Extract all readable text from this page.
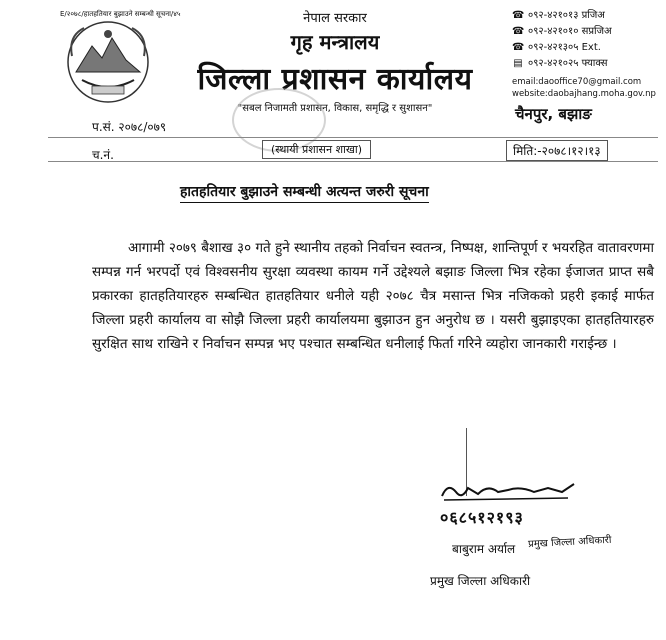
E/२०७८/हातहतियार बुझाउने सम्बन्धी सूचना/४५	नेपाल सरकार
गृह मन्त्रालय
जिल्ला प्रशासन कार्यालय
"सबल निजामती प्रशासन, विकास, समृद्धि र सुशासन"
☎ ०९२-४२१०१३ प्रजिअ
☎ ०९२-४२१०१० सप्रजिअ
☎ ०९२-४२१३०५ Ext.
▤ ०९२-४२१०२५ फ्याक्स
email:daooffice70@gmail.com
website:daobajhang.moha.gov.np
चैनपुर, बझाङ
प.सं. २०७८/०७९
च.नं.	(स्थायी प्रशासन शाखा)	मिति:-२०७८।१२।१३
हातहतियार बुझाउने सम्बन्धी अत्यन्त जरुरी सूचना
आगामी २०७९ बैशाख ३० गते हुने स्थानीय तहको निर्वाचन स्वतन्त्र, निष्पक्ष, शान्तिपूर्ण र भयरहित वातावरणमा सम्पन्न गर्न भरपर्दो एवं विश्वसनीय सुरक्षा व्यवस्था कायम गर्ने उद्देश्यले बझाङ जिल्ला भित्र रहेका ईजाजत प्राप्त सबै प्रकारका हातहतियारहरु सम्बन्धित हातहतियार धनीले यही २०७८ चैत्र मसान्त भित्र नजिकको प्रहरी इकाई मार्फत जिल्ला प्रहरी कार्यालय वा सोझै जिल्ला प्रहरी कार्यालयमा बुझाउन हुन अनुरोध छ । यसरी बुझाइएका हातहतियारहरु सुरक्षित साथ राखिने र निर्वाचन सम्पन्न भए पश्चात सम्बन्धित धनीलाई फिर्ता गरिने व्यहोरा जानकारी गराईन्छ ।
०६८५१२१९३
बाबुराम अर्याल प्रमुख जिल्ला अधिकारी
प्रमुख जिल्ला अधिकारी
